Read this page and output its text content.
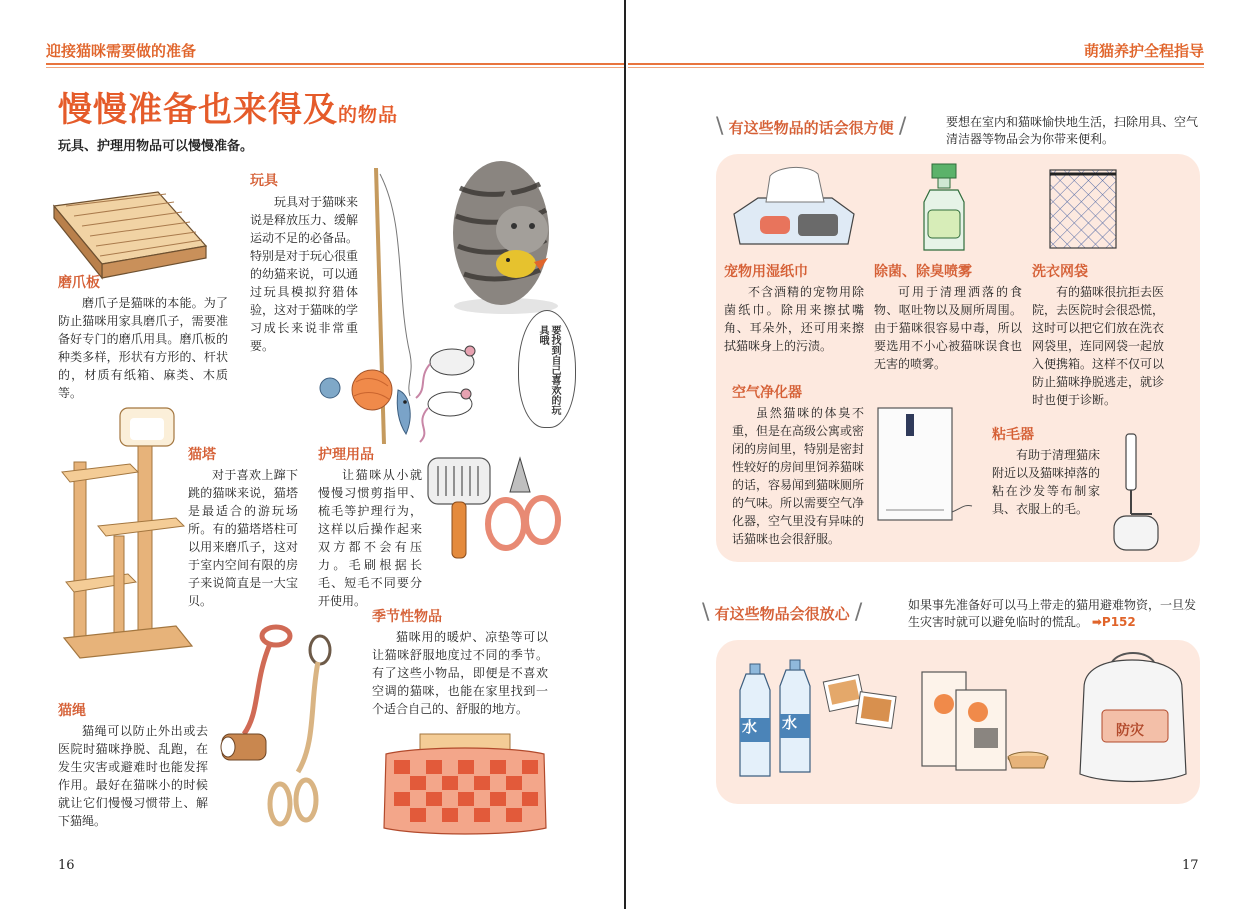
迎接猫咪需要做的准备
慢慢准备也来得及的物品
玩具、护理用物品可以慢慢准备。
磨爪板
磨爪子是猫咪的本能。为了防止猫咪用家具磨爪子，需要准备好专门的磨爪用具。磨爪板的种类多样，形状有方形的、杆状的，材质有纸箱、麻类、木质等。
玩具
玩具对于猫咪来说是释放压力、缓解运动不足的必备品。特别是对于玩心很重的幼猫来说，可以通过玩具模拟狩猎体验，这对于猫咪的学习成长来说非常重要。	要找到自己喜欢的玩具哦
猫塔
对于喜欢上蹿下跳的猫咪来说，猫塔是最适合的游玩场所。有的猫塔塔柱可以用来磨爪子，这对于室内空间有限的房子来说简直是一大宝贝。
护理用品
让猫咪从小就慢慢习惯剪指甲、梳毛等护理行为，这样以后操作起来双方都不会有压力。毛刷根据长毛、短毛不同要分开使用。
季节性物品
猫咪用的暖炉、凉垫等可以让猫咪舒服地度过不同的季节。有了这些小物品，即便是不喜欢空调的猫咪，也能在家里找到一个适合自己的、舒服的地方。
猫绳
猫绳可以防止外出或去医院时猫咪挣脱、乱跑，在发生灾害或避难时也能发挥作用。最好在猫咪小的时候就让它们慢慢习惯带上、解下猫绳。
16
萌猫养护全程指导
\ 有这些物品的话会很方便 /	要想在室内和猫咪愉快地生活，扫除用具、空气清洁器等物品会为你带来便利。
宠物用湿纸巾
不含酒精的宠物用除菌纸巾。除用来擦拭嘴角、耳朵外，还可用来擦拭猫咪身上的污渍。
除菌、除臭喷雾
可用于清理洒落的食物、呕吐物以及厕所周围。由于猫咪很容易中毒，所以要选用不小心被猫咪误食也无害的喷雾。
洗衣网袋
有的猫咪很抗拒去医院，去医院时会很恐慌，这时可以把它们放在洗衣网袋里，连同网袋一起放入便携箱。这样不仅可以防止猫咪挣脱逃走，就诊时也便于诊断。
空气净化器
虽然猫咪的体臭不重，但是在高级公寓或密闭的房间里，特别是密封性较好的房间里饲养猫咪的话，容易闻到猫咪厕所的气味。所以需要空气净化器，空气里没有异味的话猫咪也会很舒服。
粘毛器
有助于清理猫床附近以及猫咪掉落的粘在沙发等布制家具、衣服上的毛。
\ 有这些物品会很放心 /	如果事先准备好可以马上带走的猫用避难物资，一旦发生灾害时就可以避免临时的慌乱。 ➡P152
水 水	防灾
17
